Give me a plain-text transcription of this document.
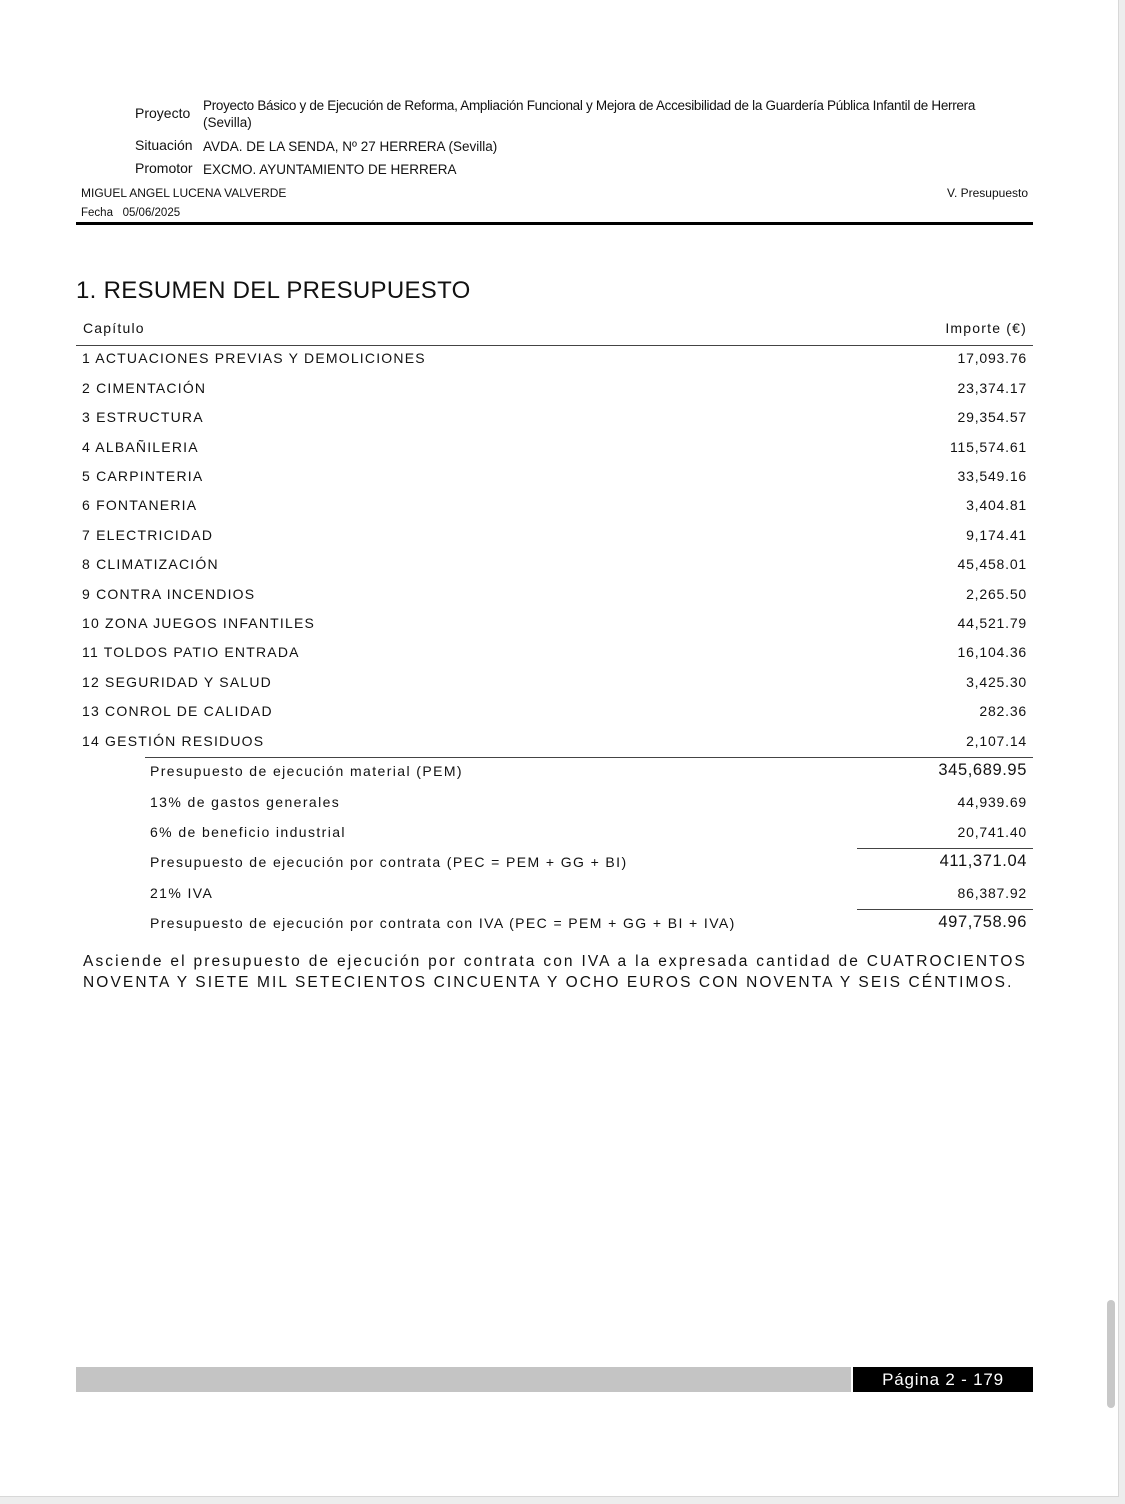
Proyecto Proyecto Básico y de Ejecución de Reforma, Ampliación Funcional y Mejora de Accesibilidad de la Guardería Pública Infantil de Herrera
(Sevilla)
Situación AVDA. DE LA SENDA, Nº 27 HERRERA (Sevilla)
Promotor EXCMO. AYUNTAMIENTO DE HERRERA
MIGUEL ANGEL LUCENA VALVERDE	V. Presupuesto
Fecha 05/06/2025
1. RESUMEN DEL PRESUPUESTO
Capítulo	Importe (€)
1 ACTUACIONES PREVIAS Y DEMOLICIONES	17,093.76
2 CIMENTACIÓN	23,374.17
3 ESTRUCTURA	29,354.57
4 ALBAÑILERIA	115,574.61
5 CARPINTERIA	33,549.16
6 FONTANERIA	3,404.81
7 ELECTRICIDAD	9,174.41
8 CLIMATIZACIÓN	45,458.01
9 CONTRA INCENDIOS	2,265.50
10 ZONA JUEGOS INFANTILES	44,521.79
11 TOLDOS PATIO ENTRADA	16,104.36
12 SEGURIDAD Y SALUD	3,425.30
13 CONROL DE CALIDAD	282.36
14 GESTIÓN RESIDUOS	2,107.14
Presupuesto de ejecución material (PEM)	345,689.95
13% de gastos generales	44,939.69
6% de beneficio industrial	20,741.40
Presupuesto de ejecución por contrata (PEC = PEM + GG + BI)	411,371.04
21% IVA	86,387.92
Presupuesto de ejecución por contrata con IVA (PEC = PEM + GG + BI + IVA)	497,758.96
Asciende el presupuesto de ejecución por contrata con IVA a la expresada cantidad de CUATROCIENTOS NOVENTA Y SIETE MIL SETECIENTOS CINCUENTA Y OCHO EUROS CON NOVENTA Y SEIS CÉNTIMOS.
Página 2 - 179
